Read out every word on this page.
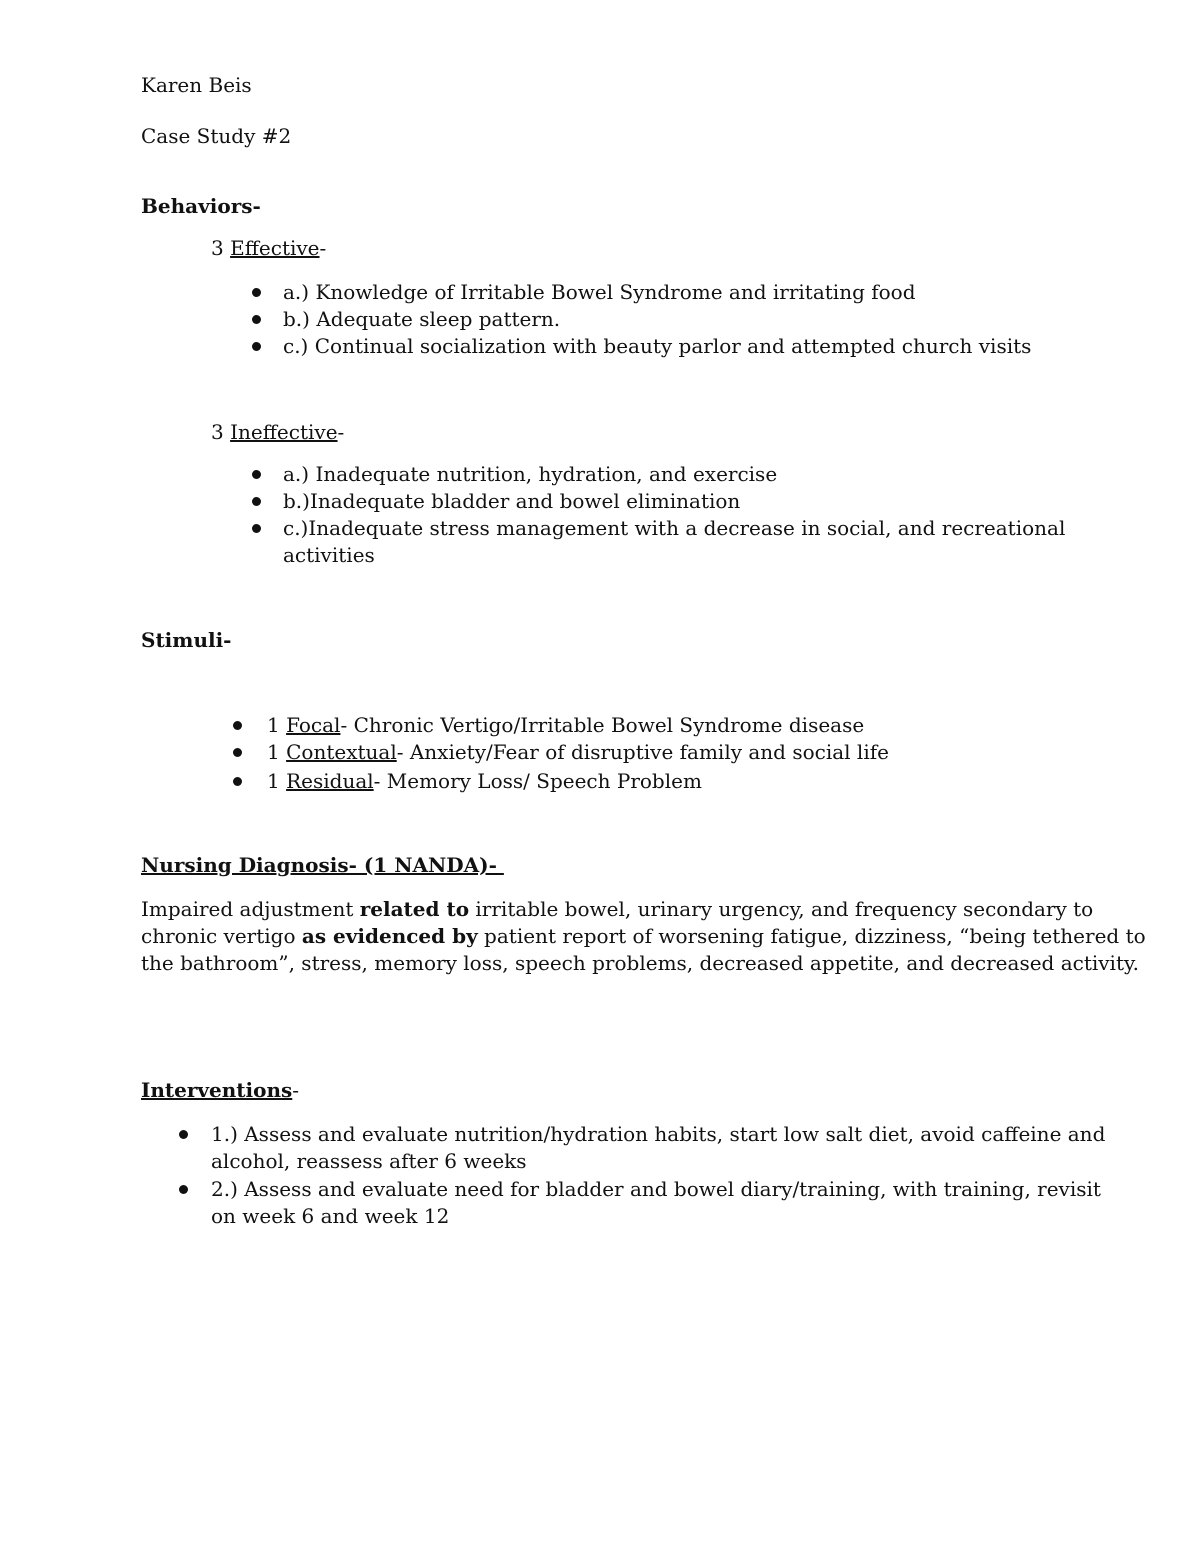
Karen Beis
Case Study #2
Behaviors-
3 Effective-
a.) Knowledge of Irritable Bowel Syndrome and irritating food
b.) Adequate sleep pattern.
c.) Continual socialization with beauty parlor and attempted church visits
3 Ineffective-
a.) Inadequate nutrition, hydration, and exercise
b.)Inadequate bladder and bowel elimination
c.)Inadequate stress management with a decrease in social, and recreational
activities
Stimuli-
1 Focal- Chronic Vertigo/Irritable Bowel Syndrome disease
1 Contextual- Anxiety/Fear of disruptive family and social life
1 Residual- Memory Loss/ Speech Problem
Nursing Diagnosis- (1 NANDA)-
Impaired adjustment related to irritable bowel, urinary urgency, and frequency secondary to
chronic vertigo as evidenced by patient report of worsening fatigue, dizziness, “being tethered to
the bathroom”, stress, memory loss, speech problems, decreased appetite, and decreased activity.
Interventions-
1.) Assess and evaluate nutrition/hydration habits, start low salt diet, avoid caffeine and
alcohol, reassess after 6 weeks
2.) Assess and evaluate need for bladder and bowel diary/training, with training, revisit
on week 6 and week 12
